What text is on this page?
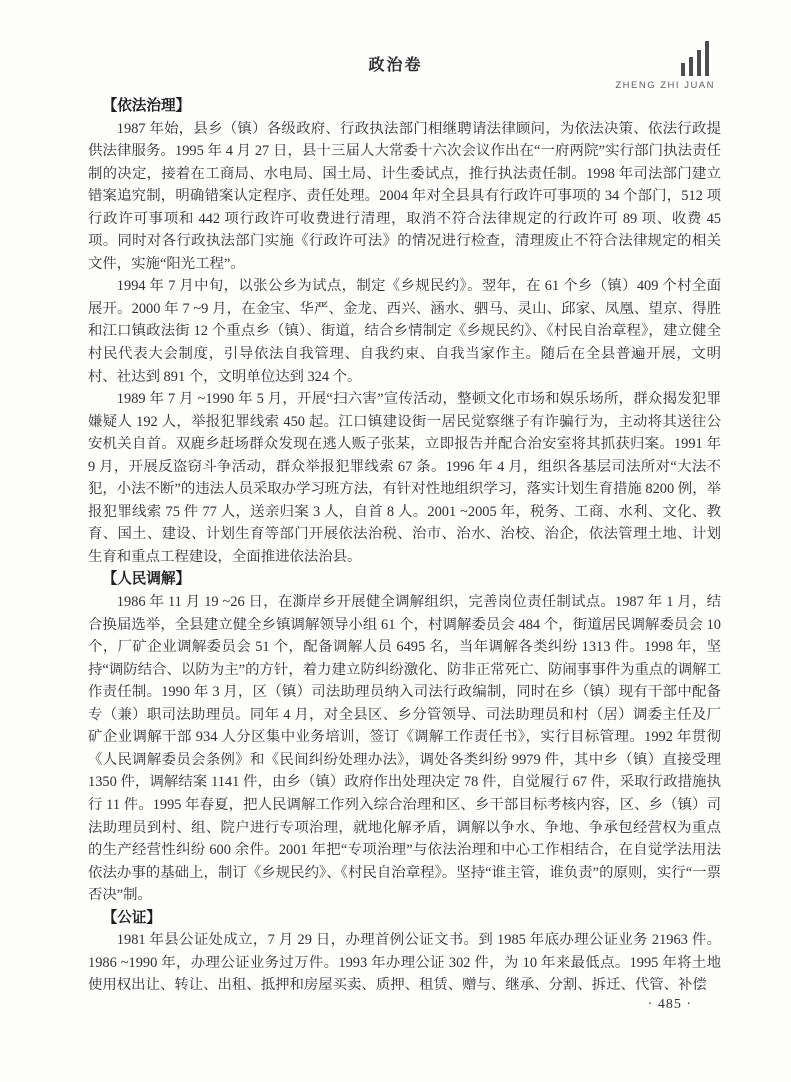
政治卷
ZHENG ZHI JUAN
【依法治理】

1987 年始，县乡（镇）各级政府、行政执法部门相继聘请法律顾问，为依法决策、依法行政提供法律服务。1995 年 4 月 27 日，县十三届人大常委十六次会议作出在“一府两院”实行部门执法责任制的决定，接着在工商局、水电局、国土局、计生委试点，推行执法责任制。1998 年司法部门建立错案追究制，明确错案认定程序、责任处理。2004 年对全县具有行政许可事项的 34 个部门，512 项行政许可事项和 442 项行政许可收费进行清理，取消不符合法律规定的行政许可 89 项、收费 45 项。同时对各行政执法部门实施《行政许可法》的情况进行检查，清理废止不符合法律规定的相关文件，实施“阳光工程”。

1994 年 7 月中旬，以张公乡为试点，制定《乡规民约》。翌年，在 61 个乡（镇）409 个村全面展开。2000 年 7 ~9 月，在金宝、华严、金龙、西兴、涵水、驷马、灵山、邱家、凤凰、望京、得胜和江口镇政法街 12 个重点乡（镇）、街道，结合乡情制定《乡规民约》、《村民自治章程》，建立健全村民代表大会制度，引导依法自我管理、自我约束、自我当家作主。随后在全县普遍开展，文明村、社达到 891 个，文明单位达到 324 个。

1989 年 7 月 ~1990 年 5 月，开展“扫六害”宣传活动，整顿文化市场和娱乐场所，群众揭发犯罪嫌疑人 192 人，举报犯罪线索 450 起。江口镇建设街一居民觉察继子有诈骗行为，主动将其送往公安机关自首。双鹿乡赶场群众发现在逃人贩子张某，立即报告并配合治安室将其抓获归案。1991 年 9 月，开展反盗窃斗争活动，群众举报犯罪线索 67 条。1996 年 4 月，组织各基层司法所对“大法不犯，小法不断”的违法人员采取办学习班方法，有针对性地组织学习，落实计划生育措施 8200 例，举报犯罪线索 75 件 77 人，送亲归案 3 人，自首 8 人。2001 ~2005 年，税务、工商、水利、文化、教育、国土、建设、计划生育等部门开展依法治税、治市、治水、治校、治企，依法管理土地、计划生育和重点工程建设，全面推进依法治县。

【人民调解】

1986 年 11 月 19 ~26 日，在澌岸乡开展健全调解组织，完善岗位责任制试点。1987 年 1 月，结合换届选举，全县建立健全乡镇调解领导小组 61 个，村调解委员会 484 个，街道居民调解委员会 10 个，厂矿企业调解委员会 51 个，配备调解人员 6495 名，当年调解各类纠纷 1313 件。1998 年，坚持“调防结合、以防为主”的方针，着力建立防纠纷激化、防非正常死亡、防闹事事件为重点的调解工作责任制。1990 年 3 月，区（镇）司法助理员纳入司法行政编制，同时在乡（镇）现有干部中配备专（兼）职司法助理员。同年 4 月，对全县区、乡分管领导、司法助理员和村（居）调委主任及厂矿企业调解干部 934 人分区集中业务培训，签订《调解工作责任书》，实行目标管理。1992 年贯彻《人民调解委员会条例》和《民间纠纷处理办法》，调处各类纠纷 9979 件，其中乡（镇）直接受理 1350 件，调解结案 1141 件，由乡（镇）政府作出处理决定 78 件，自觉履行 67 件，采取行政措施执行 11 件。1995 年春夏，把人民调解工作列入综合治理和区、乡干部目标考核内容，区、乡（镇）司法助理员到村、组、院户进行专项治理，就地化解矛盾，调解以争水、争地、争承包经营权为重点的生产经营性纠纷 600 余件。2001 年把“专项治理”与依法治理和中心工作相结合，在自觉学法用法依法办事的基础上，制订《乡规民约》、《村民自治章程》。坚持“谁主管，谁负责”的原则，实行“一票否决”制。

【公证】

1981 年县公证处成立，7 月 29 日，办理首例公证文书。到 1985 年底办理公证业务 21963 件。1986 ~1990 年，办理公证业务过万件。1993 年办理公证 302 件，为 10 年来最低点。1995 年将土地使用权出让、转让、出租、抵押和房屋买卖、质押、租赁、赠与、继承、分割、拆迁、代管、补偿

· 485 ·
